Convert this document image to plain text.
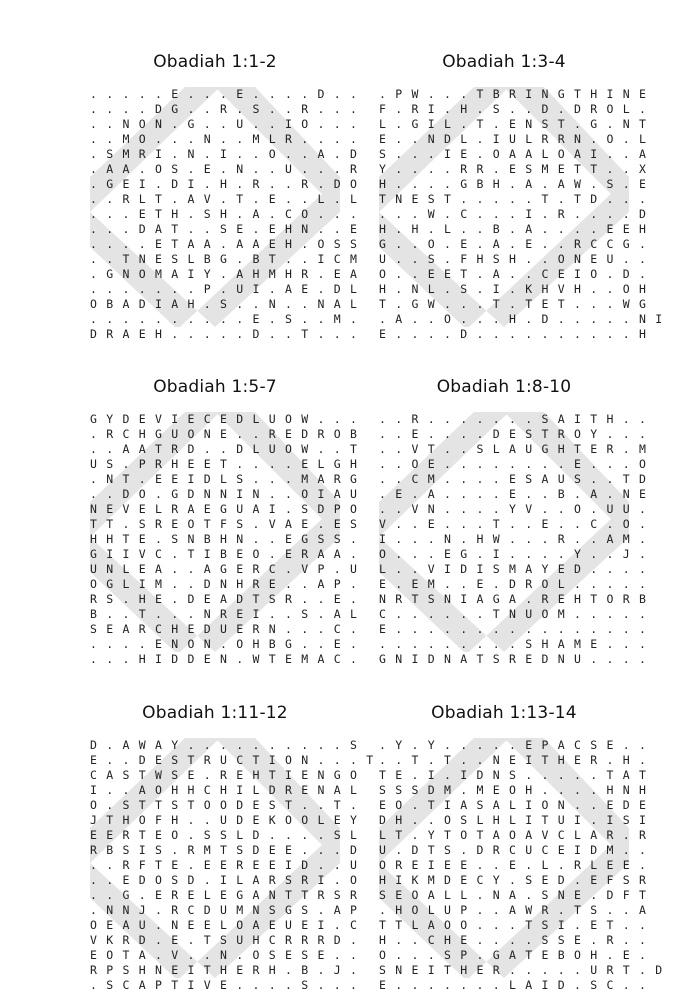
Obadiah 1:1-2
. . . . . E . . . E . . . . D . .
. . . . D G . . R . S . . R . . .
. . N O N . G . . U . . I O . . .
. . M O . . . N . . M L R . . . .
. S M R I . N . I . . O . . A . D
. A A . O S . E . N . . U . . . R
. G E I . D I . H . R . . R . D O
. . R L T . A V . T . E . . L . L
. . . E T H . S H . A . C O . . .
. . . D A T . . S E . E H N . . E
. . . . E T A A . A A E H . O S S
. . T N E S L B G . B T . . I C M
. G N O M A I Y . A H M H R . E A
. . . . . . . P . U I . A E . D L
O B A D I A H . S . . N . . N A L
. . . . . . . . . . E . S . . M .
D R A E H . . . . . D . . T . . .
Obadiah 1:3-4
. P W . . . T B R I N G T H I N E
F . R I . H . S . . D . D R O L .
L . G I L . T . E N S T . G . N T
E . . N D L . I U L R R N . O . L
S . . . I E . O A A L O A I . . A
Y . . . . R R . E S M E T T . . X
H . . . . G B H . A . A W . S . E
T N E S T . . . . . T . T D . . .
. . . W . C . . . I . R . . . . D
H . H . L . . B . A . . . . E E H
G . . O . E . A . E . . R C C G .
U . . S . F H S H . . O N E U . .
O . . E E T . A . . C E I O . D .
H . N L . S . I . K H V H . . O H
T . G W . . . T . T E T . . . W G
. A . . O . . . H . D . . . . . N I
E . . . . D . . . . . . . . . . H
Obadiah 1:5-7
G Y D E V I E C E D L U O W . . .
. R C H G U O N E . . R E D R O B
. . A A T R D . . D L U O W . . T
U S . P R H E E T . . . . E L G H
. N T . E E I D L S . . . M A R G
. . D O . G D N N I N . . O I A U
N E V E L R A E G U A I . S D P O
T T . S R E O T F S . V A E . E S
H H T E . S N B H N . . E G S S .
G I I V C . T I B E O . E R A A .
U N L E A . . A G E R C . V P . U
O G L I M . . D N H R E . . A P .
R S . H E . D E A D T S R . . E .
B . . T . . . N R E I . . S . A L
S E A R C H E D U E R N . . . C .
. . . . E N O N . O H B G . . E .
. . . H I D D E N . W T E M A C .
Obadiah 1:8-10
. . R . . . . . . . S A I T H . .
. . E . . . . D E S T R O Y . . .
. . V T . . S L A U G H T E R . M
. . O E . . . . . . . . E . . . O
. . C M . . . . E S A U S . . T D
. E . A . . . . E . . B . A . N E
. . V N . . . . Y V . . O . U U .
V . . E . . . T . . E . . C . O .
I . . . N . H W . . . R . . A M .
O . . . E G . I . . . . Y . . J .
L . . V I D I S M A Y E D . . . .
E . E M . . E . D R O L . . . . .
N R T S N I A G A . R E H T O R B
C . . . . . . T N U O M . . . . .
E . . . . . . . . . . . . . . . .
. . . . . . . . . S H A M E . . .
G N I D N A T S R E D N U . . . .
Obadiah 1:11-12
D . A W A Y . . . . . . . . . . S
E . . D E S T R U C T I O N . . . T
C A S T W S E . R E H T I E N G O
I . . A O H H C H I L D R E N A L
O . S T T S T O O D E S T . . T .
J T H O F H . . U D E K O O L E Y
E E R T E O . S S L D . . . . S L
R B S I S . R M T S D E E . . . D
. . R F T E . E E R E E I D . . U
. . E D O S D . I L A R S R I . O
. . G . E R E L E G A N T T R S R
. N N J . R C D U M N S G S . A P
O E A U . N E E L O A E U E I . C
V K R D . E . T S U H C R R R D .
E O T A . V . . N . O S E S E . .
R P S H N E I T H E R H . B . J .
. S C A P T I V E . . . . S . . .
Obadiah 1:13-14
. Y . Y . . . . . E P A C S E . .
. . T . T . . N E I T H E R . H .
T E . I . I D N S . . . . . T A T
S S S D M . M E O H . . . . H N H
E O . T I A S A L I O N . . E D E
D H . . O S L H L I T U I . I S I
L T . Y T O T A O A V C L A R . R
U . D T S . D R C U C E I D M . .
O R E I E E . . E . L . R L E E .
H I K M D E C Y . S E D . E F S R
S E O A L L . N A . S N E . D F T
. H O L U P . . A W R . T S . . A
T T L A O O . . . T S I . E T . .
H . . C H E . . . . S S E . R . .
O . . . S P . G A T E B O H . E .
S N E I T H E R . . . . . U R T . D
E . . . . . . . L A I D . S C . .
